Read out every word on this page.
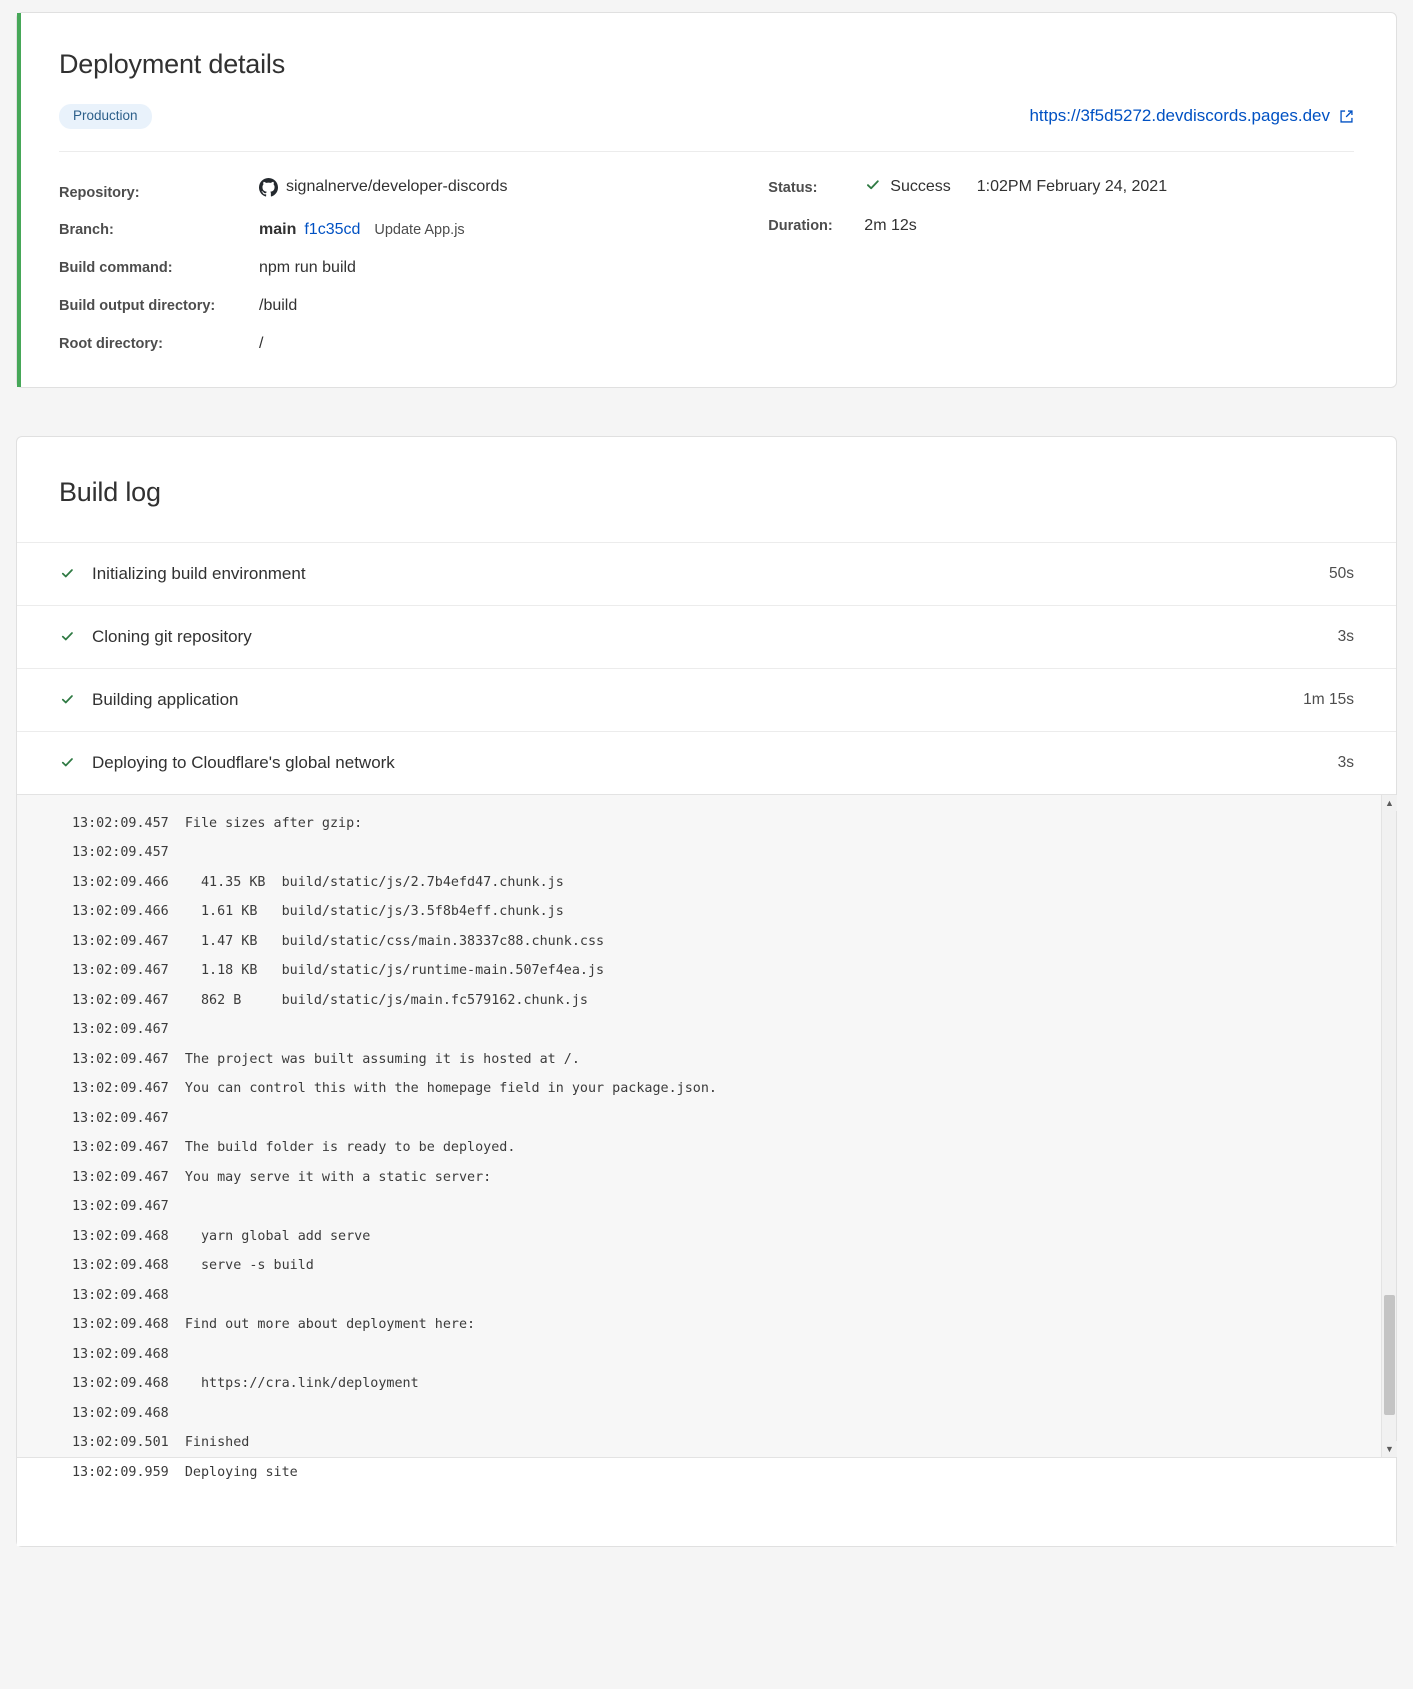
Deployment details
Production	https://3f5d5272.devdiscords.pages.dev
Repository:	signalnerve/developer-discords
Branch:	main f1c35cd Update App.js
Build command:	npm run build
Build output directory:	/build
Root directory:	/
Status:	Success 1:02PM February 24, 2021
Duration:	2m 12s
Build log
Initializing build environment	50s
Cloning git repository	3s
Building application	1m 15s
Deploying to Cloudflare's global network	3s
13:02:09.457  File sizes after gzip:
13:02:09.457
13:02:09.466    41.35 KB  build/static/js/2.7b4efd47.chunk.js
13:02:09.466    1.61 KB   build/static/js/3.5f8b4eff.chunk.js
13:02:09.467    1.47 KB   build/static/css/main.38337c88.chunk.css
13:02:09.467    1.18 KB   build/static/js/runtime-main.507ef4ea.js
13:02:09.467    862 B     build/static/js/main.fc579162.chunk.js
13:02:09.467
13:02:09.467  The project was built assuming it is hosted at /.
13:02:09.467  You can control this with the homepage field in your package.json.
13:02:09.467
13:02:09.467  The build folder is ready to be deployed.
13:02:09.467  You may serve it with a static server:
13:02:09.467
13:02:09.468    yarn global add serve
13:02:09.468    serve -s build
13:02:09.468
13:02:09.468  Find out more about deployment here:
13:02:09.468
13:02:09.468    https://cra.link/deployment
13:02:09.468
13:02:09.501  Finished
13:02:09.959  Deploying site
▲
▼
